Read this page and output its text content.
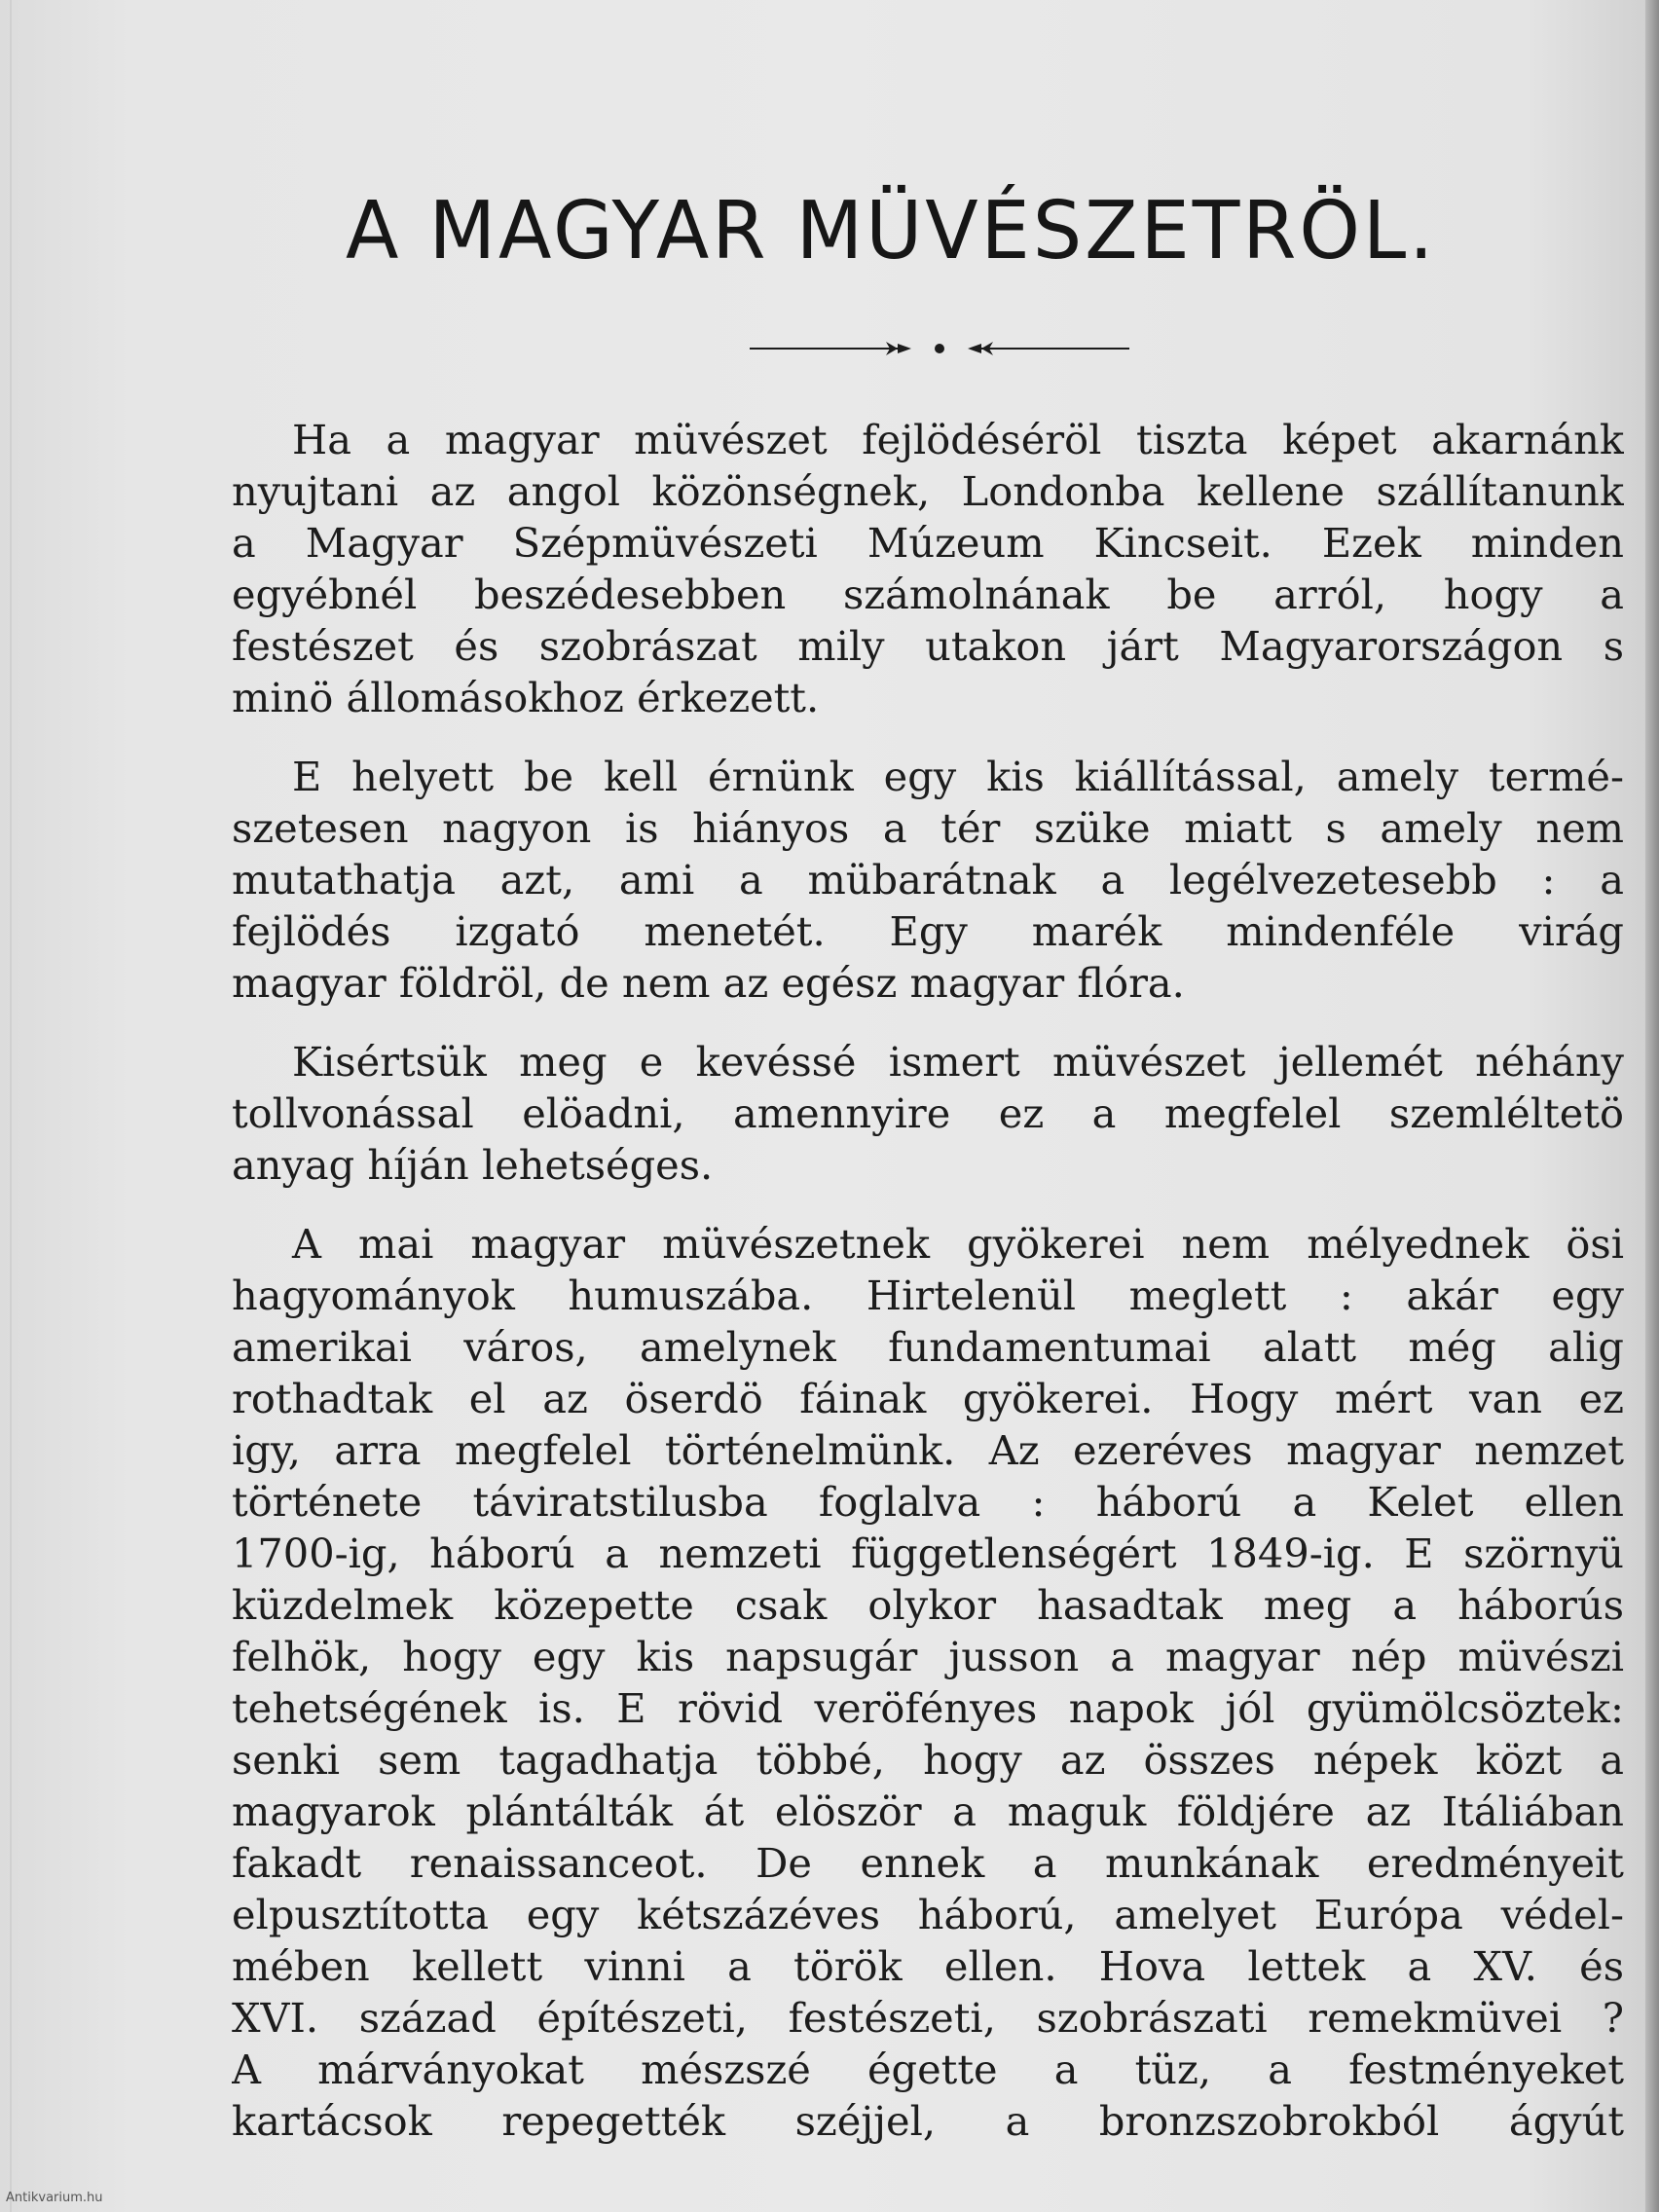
A MAGYAR MÜVÉSZETRÖL.
Ha a magyar müvészet fejlödéséröl tiszta képet akarnánk
nyujtani az angol közönségnek, Londonba kellene szállítanunk
a Magyar Szépmüvészeti Múzeum Kincseit. Ezek minden
egyébnél beszédesebben számolnának be arról, hogy a
festészet és szobrászat mily utakon járt Magyarországon s
minö állomásokhoz érkezett.
E helyett be kell érnünk egy kis kiállítással, amely termé-
szetesen nagyon is hiányos a tér szüke miatt s amely nem
mutathatja azt, ami a mübarátnak a legélvezetesebb : a
fejlödés izgató menetét. Egy marék mindenféle virág
magyar földröl, de nem az egész magyar flóra.
Kisértsük meg e kevéssé ismert müvészet jellemét néhány
tollvonással elöadni, amennyire ez a megfelel szemléltetö
anyag híján lehetséges.
A mai magyar müvészetnek gyökerei nem mélyednek ösi
hagyományok humuszába. Hirtelenül meglett : akár egy
amerikai város, amelynek fundamentumai alatt még alig
rothadtak el az öserdö fáinak gyökerei. Hogy mért van ez
igy, arra megfelel történelmünk. Az ezeréves magyar nemzet
története táviratstilusba foglalva : háború a Kelet ellen
1700-ig, háború a nemzeti függetlenségért 1849-ig. E szörnyü
küzdelmek közepette csak olykor hasadtak meg a háborús
felhök, hogy egy kis napsugár jusson a magyar nép müvészi
tehetségének is. E rövid veröfényes napok jól gyümölcsöztek:
senki sem tagadhatja többé, hogy az összes népek közt a
magyarok plántálták át elöször a maguk földjére az Itáliában
fakadt renaissanceot. De ennek a munkának eredményeit
elpusztította egy kétszázéves háború, amelyet Európa védel-
mében kellett vinni a török ellen. Hova lettek a XV. és
XVI. század építészeti, festészeti, szobrászati remekmüvei ?
A márványokat mészszé égette a tüz, a festményeket
kartácsok repegették széjjel, a bronzszobrokból ágyút
Antikvarium.hu
